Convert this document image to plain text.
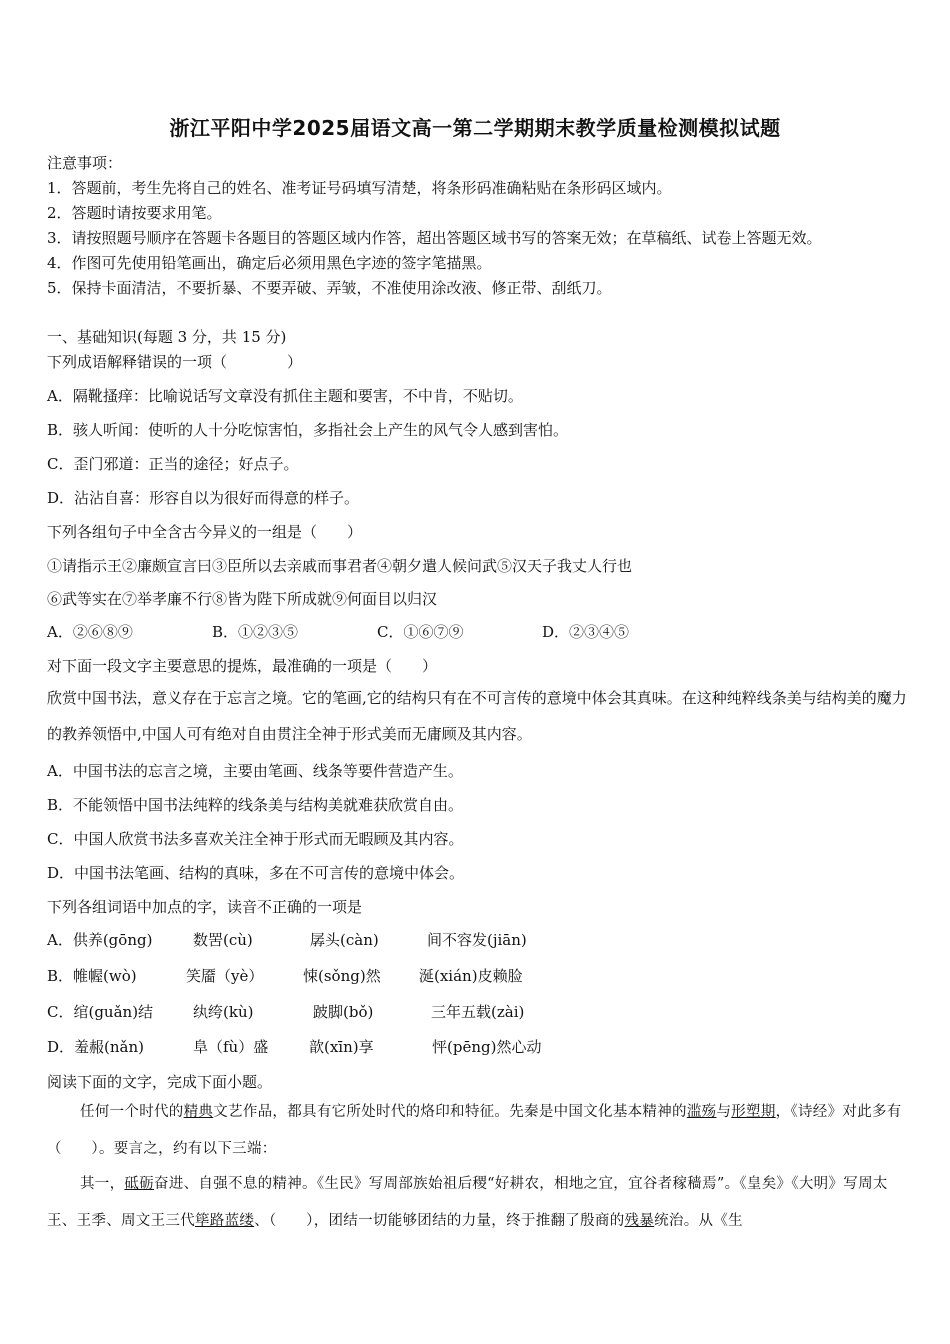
浙江平阳中学2025届语文高一第二学期期末教学质量检测模拟试题
注意事项：
1．答题前，考生先将自己的姓名、准考证号码填写清楚，将条形码准确粘贴在条形码区域内。
2．答题时请按要求用笔。
3．请按照题号顺序在答题卡各题目的答题区域内作答，超出答题区域书写的答案无效；在草稿纸、试卷上答题无效。
4．作图可先使用铅笔画出，确定后必须用黑色字迹的签字笔描黑。
5．保持卡面清洁，不要折暴、不要弄破、弄皱，不准使用涂改液、修正带、刮纸刀。
一、基础知识(每题 3 分，共 15 分)
下列成语解释错误的一项（　　　　）
A．隔靴搔痒：比喻说话写文章没有抓住主题和要害，不中肯，不贴切。
B．骇人听闻：使听的人十分吃惊害怕，多指社会上产生的风气令人感到害怕。
C．歪门邪道：正当的途径；好点子。
D．沾沾自喜：形容自以为很好而得意的样子。
下列各组句子中全含古今异义的一组是（　　）
①请指示王②廉颇宣言曰③臣所以去亲戚而事君者④朝夕遣人候问武⑤汉天子我丈人行也
⑥武等实在⑦举孝廉不行⑧皆为陛下所成就⑨何面目以归汉
A．②⑥⑧⑨	B．①②③⑤	C．①⑥⑦⑨	D．②③④⑤
对下面一段文字主要意思的提炼，最准确的一项是（　　）
欣赏中国书法，意义存在于忘言之境。它的笔画,它的结构只有在不可言传的意境中体会其真味。在这种纯粹线条美与结构美的魔力的教养领悟中,中国人可有绝对自由贯注全神于形式美而无庸顾及其内容。
A．中国书法的忘言之境，主要由笔画、线条等要件营造产生。
B．不能领悟中国书法纯粹的线条美与结构美就难获欣赏自由。
C．中国人欣赏书法多喜欢关注全神于形式而无暇顾及其内容。
D．中国书法笔画、结构的真味，多在不可言传的意境中体会。
下列各组词语中加点的字，读音不正确的一项是
A．供养(gōng)	数罟(cù)	孱头(càn)	间不容发(jiān)
B．帷幄(wò)	笑靥（yè）	悚(sǒng)然	涎(xián)皮赖脸
C．绾(guǎn)结	纨绔(kù)	跛脚(bǒ)	三年五载(zài)
D．羞赧(nǎn)	阜（fù）盛	歆(xīn)享	怦(pēng)然心动
阅读下面的文字，完成下面小题。
任何一个时代的精典文艺作品，都具有它所处时代的烙印和特征。先秦是中国文化基本精神的滥殇与形塑期，《诗经》对此多有（　　）。要言之，约有以下三端：
其一，砥砺奋进、自强不息的精神。《生民》写周部族始祖后稷“好耕农，相地之宜，宜谷者稼穑焉”。《皇矣》《大明》写周太王、王季、周文王三代筚路蓝缕、（　　），团结一切能够团结的力量，终于推翻了殷商的残暴统治。从《生
